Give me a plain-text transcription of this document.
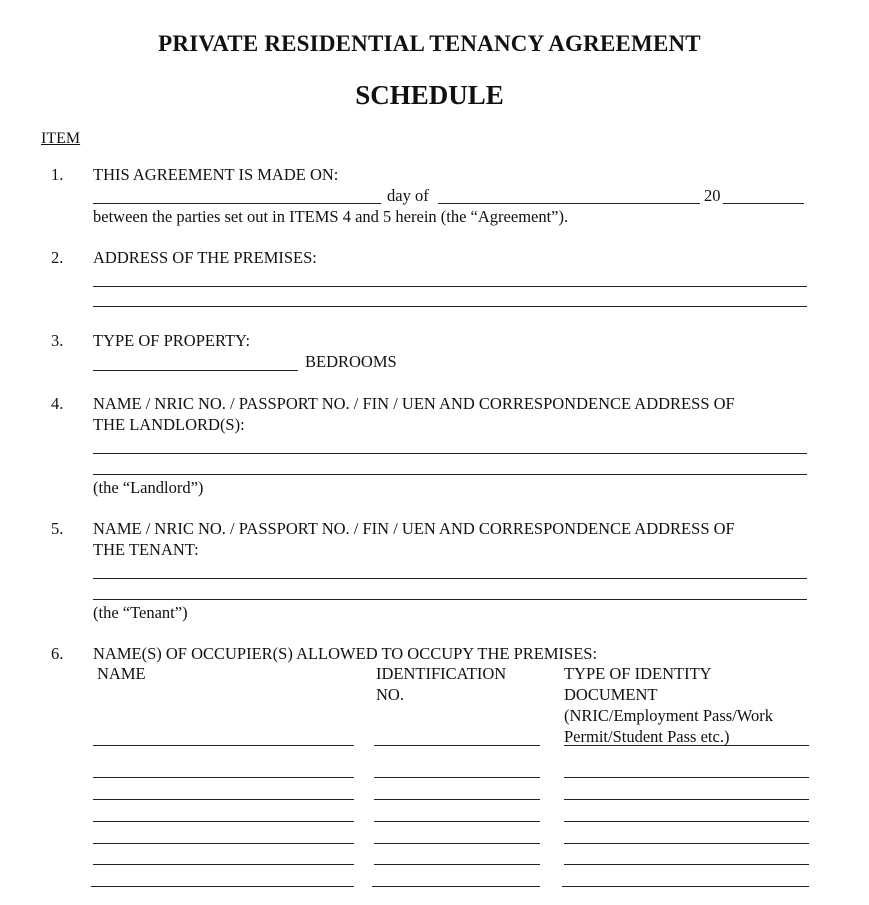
PRIVATE RESIDENTIAL TENANCY AGREEMENT
SCHEDULE
ITEM
1. THIS AGREEMENT IS MADE ON:
day of	20
between the parties set out in ITEMS 4 and 5 herein (the “Agreement”).
2. ADDRESS OF THE PREMISES:
3. TYPE OF PROPERTY:
BEDROOMS
4. NAME / NRIC NO. / PASSPORT NO. / FIN / UEN AND CORRESPONDENCE ADDRESS OF
THE LANDLORD(S):
(the “Landlord”)
5. NAME / NRIC NO. / PASSPORT NO. / FIN / UEN AND CORRESPONDENCE ADDRESS OF
THE TENANT:
(the “Tenant”)
6. NAME(S) OF OCCUPIER(S) ALLOWED TO OCCUPY THE PREMISES:
NAME	IDENTIFICATION
NO.
TYPE OF IDENTITY
DOCUMENT
(NRIC/Employment Pass/Work
Permit/Student Pass etc.)
